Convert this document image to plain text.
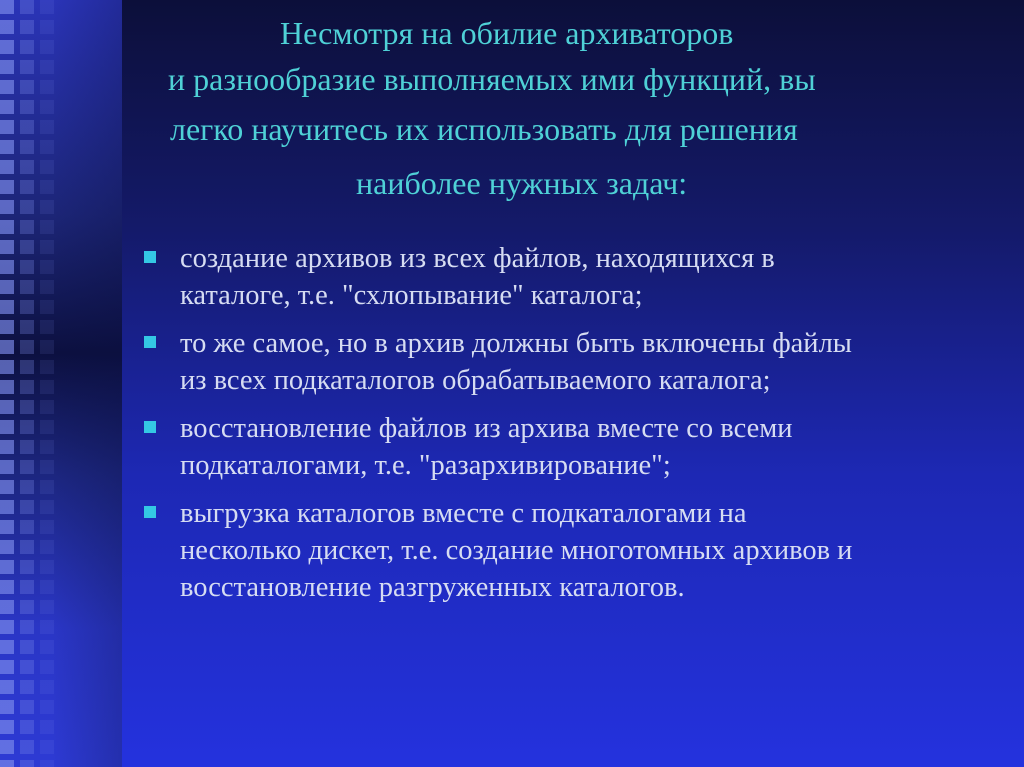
Несмотря на обилие архиваторов
и разнообразие выполняемых ими функций, вы
легко научитесь их использовать для решения
наиболее нужных задач:
создание архивов из всех файлов, находящихся в
каталоге, т.е. "схлопывание" каталога;
то же самое, но в архив должны быть включены файлы
из всех подкаталогов обрабатываемого каталога;
восстановление файлов из архива вместе со всеми
подкаталогами, т.е. "разархивирование";
выгрузка каталогов вместе с подкаталогами на
несколько дискет, т.е. создание многотомных архивов и
восстановление разгруженных каталогов.
